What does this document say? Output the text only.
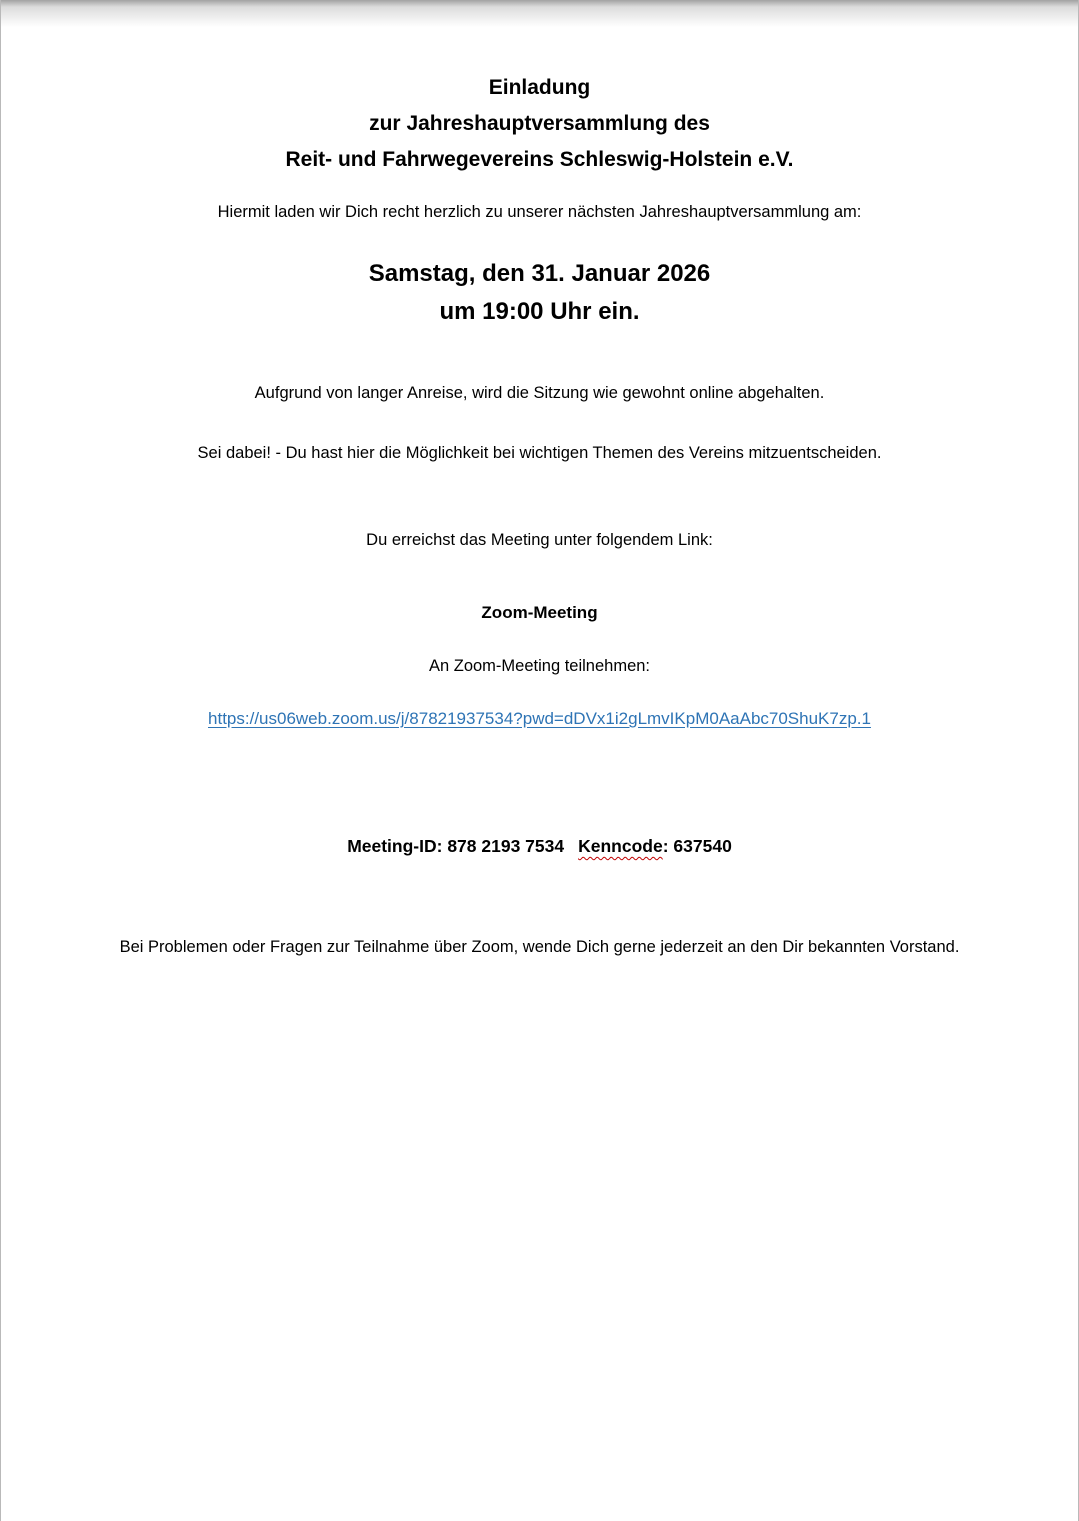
Einladung
zur Jahreshauptversammlung des
Reit- und Fahrwegevereins Schleswig-Holstein e.V.

Hiermit laden wir Dich recht herzlich zu unserer nächsten Jahreshauptversammlung am:

Samstag, den 31. Januar 2026
um 19:00 Uhr ein.

Aufgrund von langer Anreise, wird die Sitzung wie gewohnt online abgehalten.

Sei dabei! - Du hast hier die Möglichkeit bei wichtigen Themen des Vereins mitzuentscheiden.

Du erreichst das Meeting unter folgendem Link:

Zoom-Meeting

An Zoom-Meeting teilnehmen:

https://us06web.zoom.us/j/87821937534?pwd=dDVx1i2gLmvIKpM0AaAbc70ShuK7zp.1

Meeting-ID: 878 2193 7534 Kenncode: 637540

Bei Problemen oder Fragen zur Teilnahme über Zoom, wende Dich gerne jederzeit an den Dir bekannten Vorstand.
